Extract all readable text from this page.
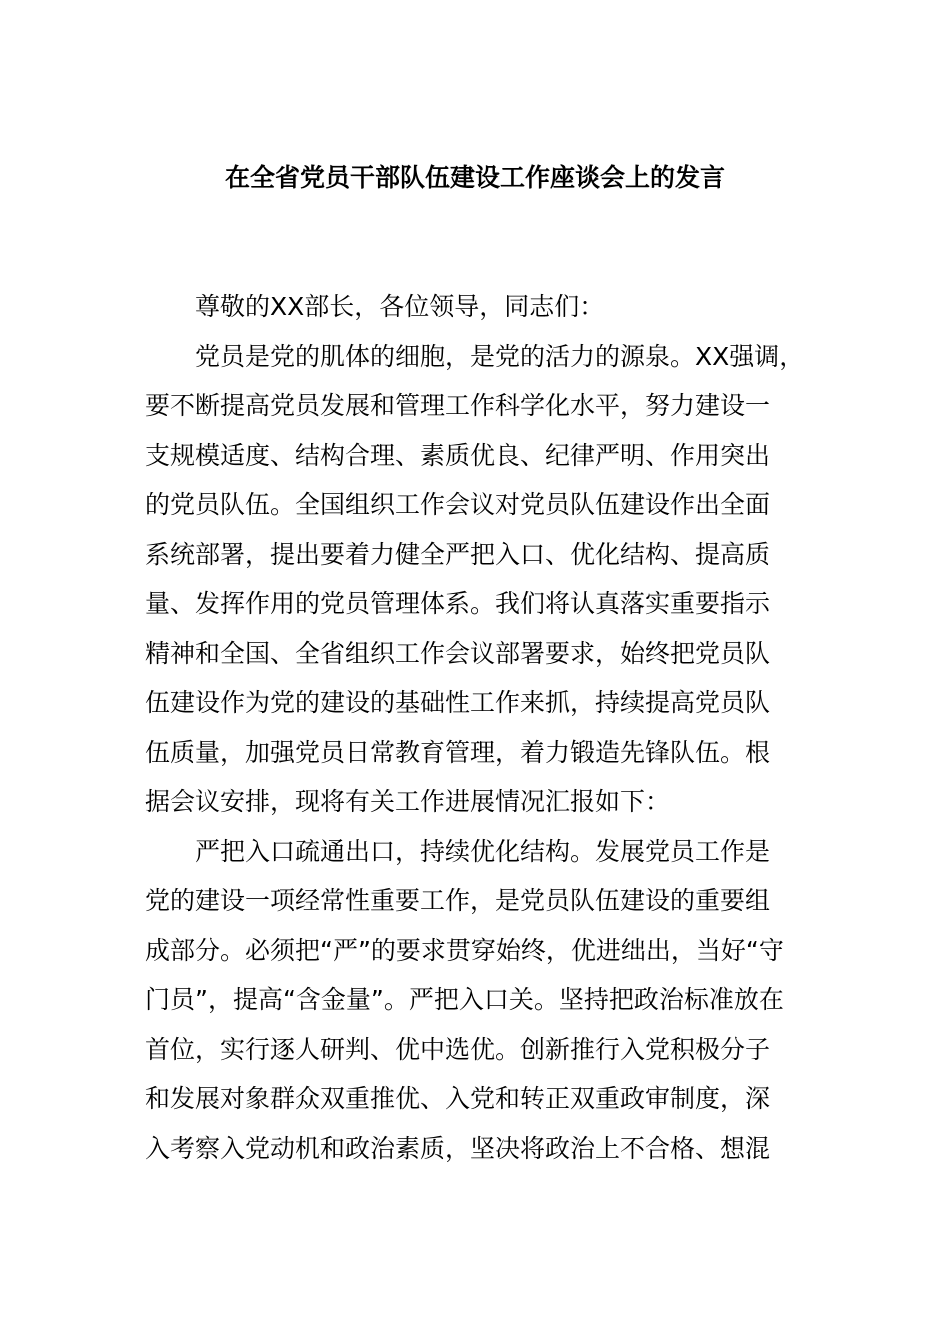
在全省党员干部队伍建设工作座谈会上的发言
尊敬的XX部长，各位领导，同志们：
党员是党的肌体的细胞，是党的活力的源泉。XX强调，
要不断提高党员发展和管理工作科学化水平，努力建设一
支规模适度、结构合理、素质优良、纪律严明、作用突出
的党员队伍。全国组织工作会议对党员队伍建设作出全面
系统部署，提出要着力健全严把入口、优化结构、提高质
量、发挥作用的党员管理体系。我们将认真落实重要指示
精神和全国、全省组织工作会议部署要求，始终把党员队
伍建设作为党的建设的基础性工作来抓，持续提高党员队
伍质量，加强党员日常教育管理，着力锻造先锋队伍。根
据会议安排，现将有关工作进展情况汇报如下：
严把入口疏通出口，持续优化结构。发展党员工作是
党的建设一项经常性重要工作，是党员队伍建设的重要组
成部分。必须把“严”的要求贯穿始终，优进绌出，当好“守
门员”，提高“含金量”。严把入口关。坚持把政治标准放在
首位，实行逐人研判、优中选优。创新推行入党积极分子
和发展对象群众双重推优、入党和转正双重政审制度，深
入考察入党动机和政治素质，坚决将政治上不合格、想混
